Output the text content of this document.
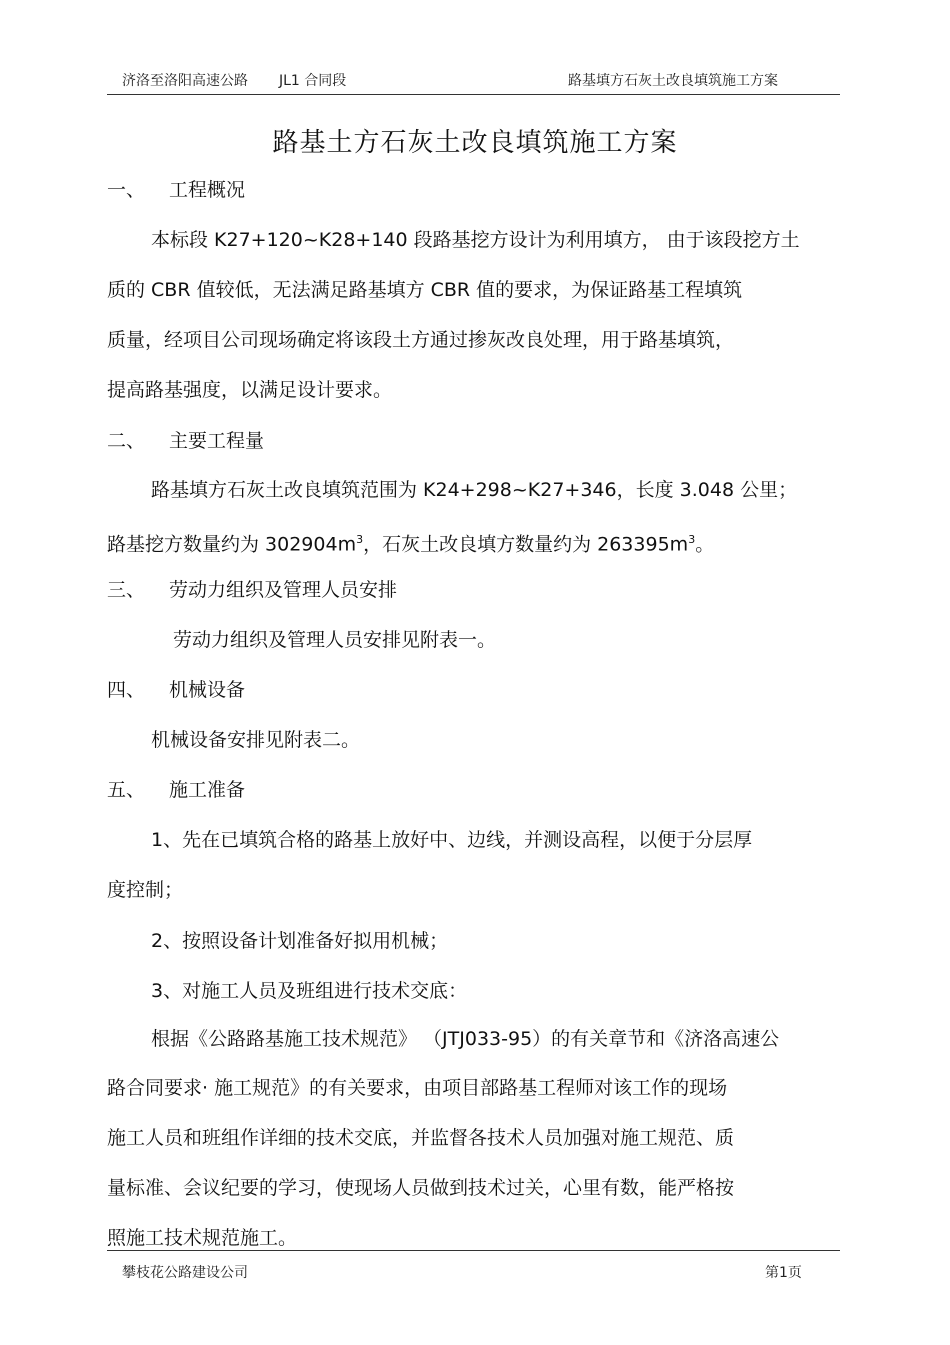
济洛至洛阳高速公路 JL1 合同段	路基填方石灰土改良填筑施工方案
路基土方石灰土改良填筑施工方案
一、 工程概况
本标段 K27+120~K28+140 段路基挖方设计为利用填方， 由于该段挖方土
质的 CBR 值较低，无法满足路基填方 CBR 值的要求，为保证路基工程填筑
质量，经项目公司现场确定将该段土方通过掺灰改良处理，用于路基填筑，
提高路基强度，以满足设计要求。
二、 主要工程量
路基填方石灰土改良填筑范围为 K24+298~K27+346，长度 3.048 公里；
路基挖方数量约为 $302904m^3$，石灰土改良填方数量约为 $263395m^3$。
三、 劳动力组织及管理人员安排
劳动力组织及管理人员安排见附表一。
四、 机械设备
机械设备安排见附表二。
五、 施工准备
1、先在已填筑合格的路基上放好中、边线，并测设高程，以便于分层厚
度控制；
2、按照设备计划准备好拟用机械；
3、对施工人员及班组进行技术交底：
根据《公路路基施工技术规范》 （JTJ033-95）的有关章节和《济洛高速公
路合同要求· 施工规范》的有关要求，由项目部路基工程师对该工作的现场
施工人员和班组作详细的技术交底，并监督各技术人员加强对施工规范、质
量标准、会议纪要的学习，使现场人员做到技术过关，心里有数，能严格按
照施工技术规范施工。
攀枝花公路建设公司	第1页
